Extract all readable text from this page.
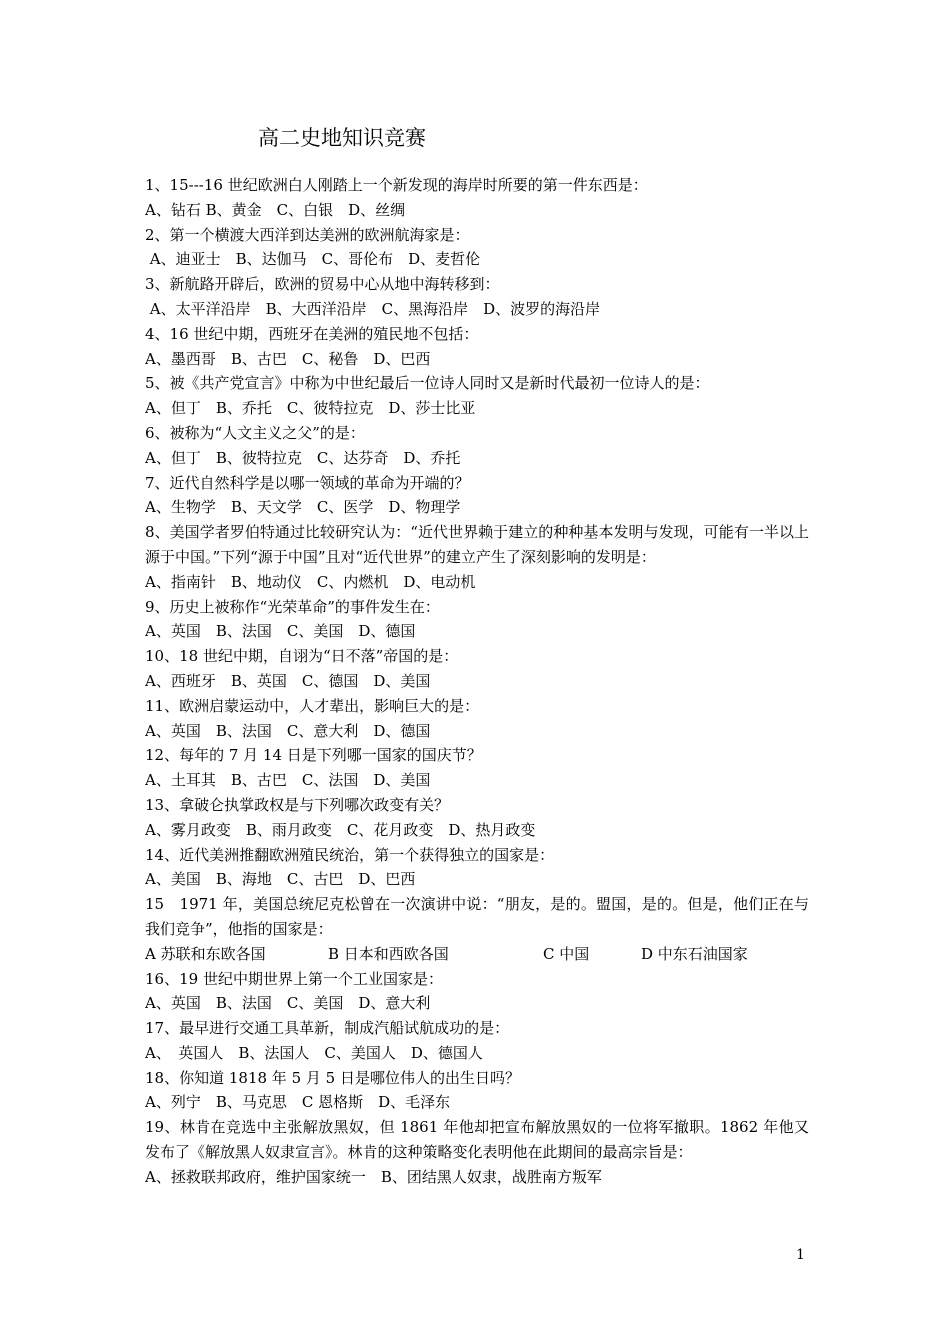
高二史地知识竞赛
1、15---16 世纪欧洲白人刚踏上一个新发现的海岸时所要的第一件东西是：
A、钻石 B、黄金　C、白银　D、丝绸
2、第一个横渡大西洋到达美洲的欧洲航海家是：
A、迪亚士　B、达伽马　C、哥伦布　D、麦哲伦
3、新航路开辟后，欧洲的贸易中心从地中海转移到：
A、太平洋沿岸　B、大西洋沿岸　C、黑海沿岸　D、波罗的海沿岸
4、16 世纪中期，西班牙在美洲的殖民地不包括：
A、墨西哥　B、古巴　C、秘鲁　D、巴西
5、被《共产党宣言》中称为中世纪最后一位诗人同时又是新时代最初一位诗人的是：
A、但丁　B、乔托　C、彼特拉克　D、莎士比亚
6、被称为“人文主义之父”的是：
A、但丁　B、彼特拉克　C、达芬奇　D、乔托
7、近代自然科学是以哪一领域的革命为开端的？
A、生物学　B、天文学　C、医学　D、物理学
8、美国学者罗伯特通过比较研究认为：“近代世界赖于建立的种种基本发明与发现，可能有一半以上源于中国。”下列“源于中国”且对“近代世界”的建立产生了深刻影响的发明是：
A、指南针　B、地动仪　C、内燃机　D、电动机
9、历史上被称作“光荣革命”的事件发生在：
A、英国　B、法国　C、美国　D、德国
10、18 世纪中期，自诩为“日不落”帝国的是：
A、西班牙　B、英国　C、德国　D、美国
11、欧洲启蒙运动中，人才辈出，影响巨大的是：
A、英国　B、法国　C、意大利　D、德国
12、每年的 7 月 14 日是下列哪一国家的国庆节？
A、土耳其　B、古巴　C、法国　D、美国
13、拿破仑执掌政权是与下列哪次政变有关？
A、雾月政变　B、雨月政变　C、花月政变　D、热月政变
14、近代美洲推翻欧洲殖民统治，第一个获得独立的国家是：
A、美国　B、海地　C、古巴　D、巴西
15　1971 年，美国总统尼克松曾在一次演讲中说：“朋友，是的。盟国，是的。但是，他们正在与我们竞争”，他指的国家是：
A 苏联和东欧各国	B 日本和西欧各国	C 中国	D 中东石油国家
16、19 世纪中期世界上第一个工业国家是：
A、英国　B、法国　C、美国　D、意大利
17、最早进行交通工具革新，制成汽船试航成功的是：
A、　英国人　B、法国人　C、美国人　D、德国人
18、你知道 1818 年 5 月 5 日是哪位伟人的出生日吗？
A、列宁　B、马克思　C 恩格斯　D、毛泽东
19、林肯在竞选中主张解放黑奴，但 1861 年他却把宣布解放黑奴的一位将军撤职。1862 年他又发布了《解放黑人奴隶宣言》。林肯的这种策略变化表明他在此期间的最高宗旨是：
A、拯救联邦政府，维护国家统一　B、团结黑人奴隶，战胜南方叛军
1
